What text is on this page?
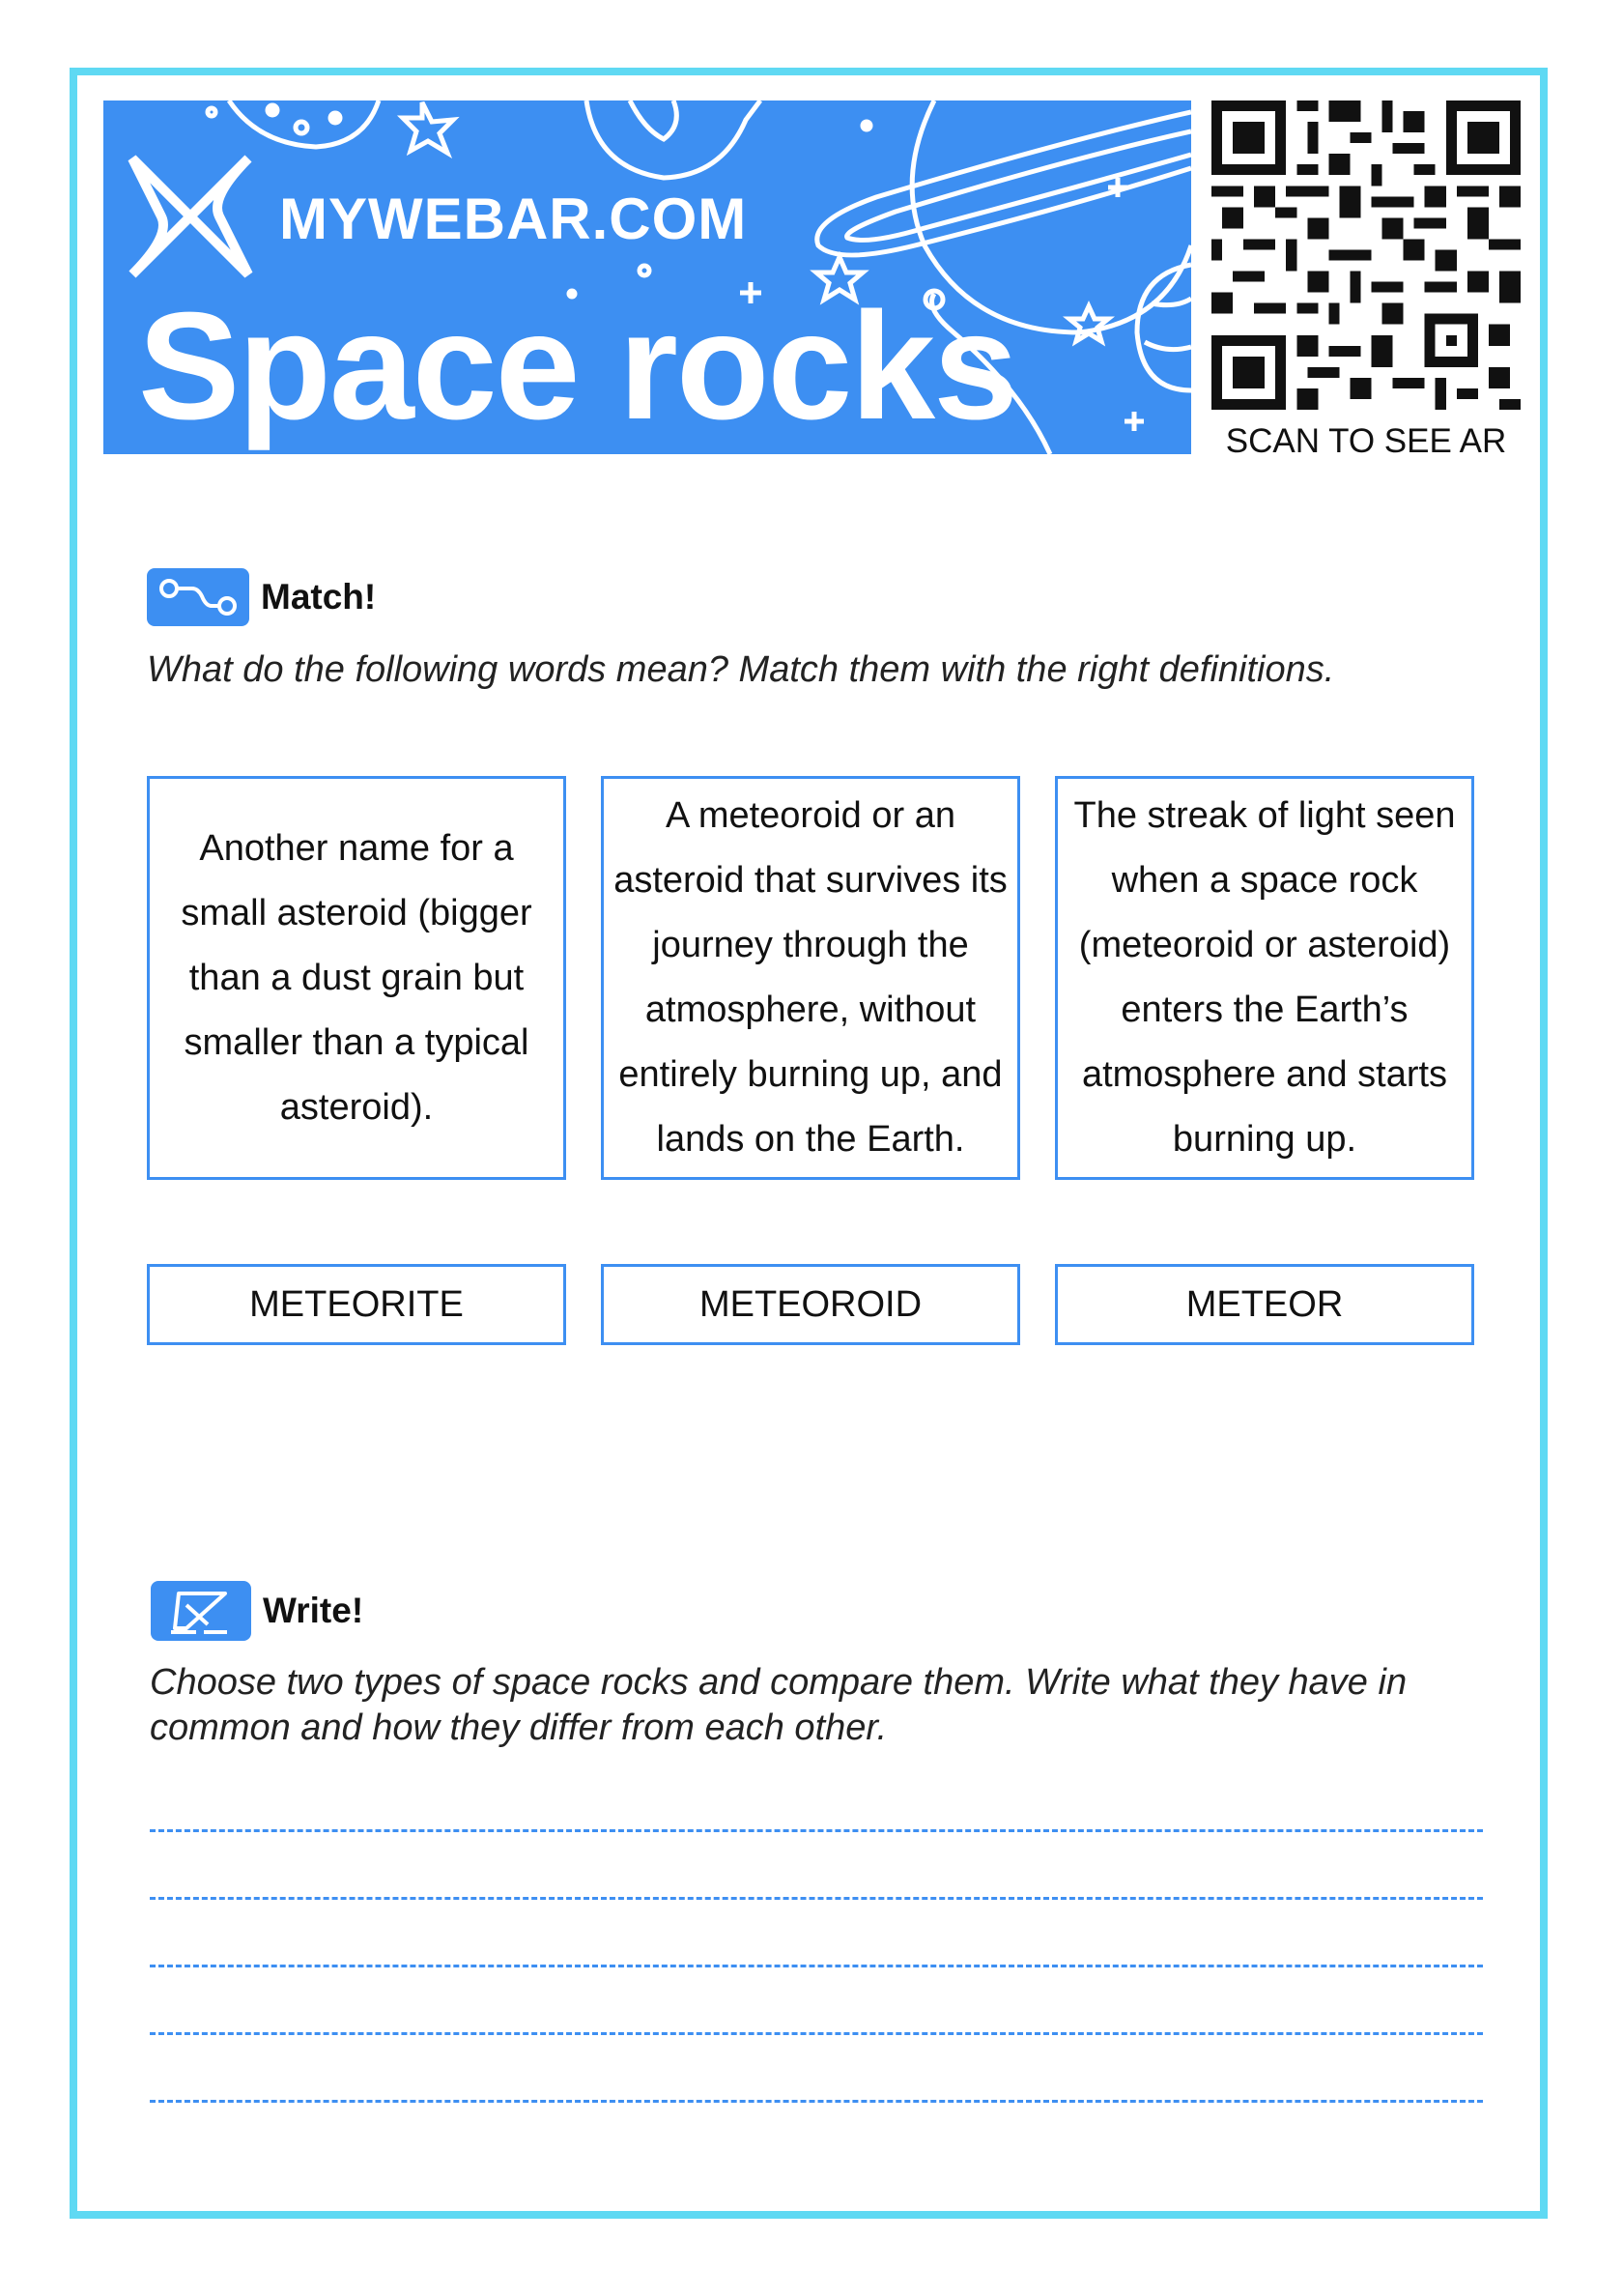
MYWEBAR.COM
Space rocks	SCAN TO SEE AR
Match!
What do the following words mean? Match them with the right definitions.
Another name for a small asteroid (bigger than a dust grain but smaller than a typical asteroid).
A meteoroid or an asteroid that survives its journey through the atmosphere, without entirely burning up, and lands on the Earth.
The streak of light seen when a space rock (meteoroid or asteroid) enters the Earth’s atmosphere and starts burning up.
METEORITE	METEOROID	METEOR
Write!
Choose two types of space rocks and compare them. Write what they have in common and how they differ from each other.
